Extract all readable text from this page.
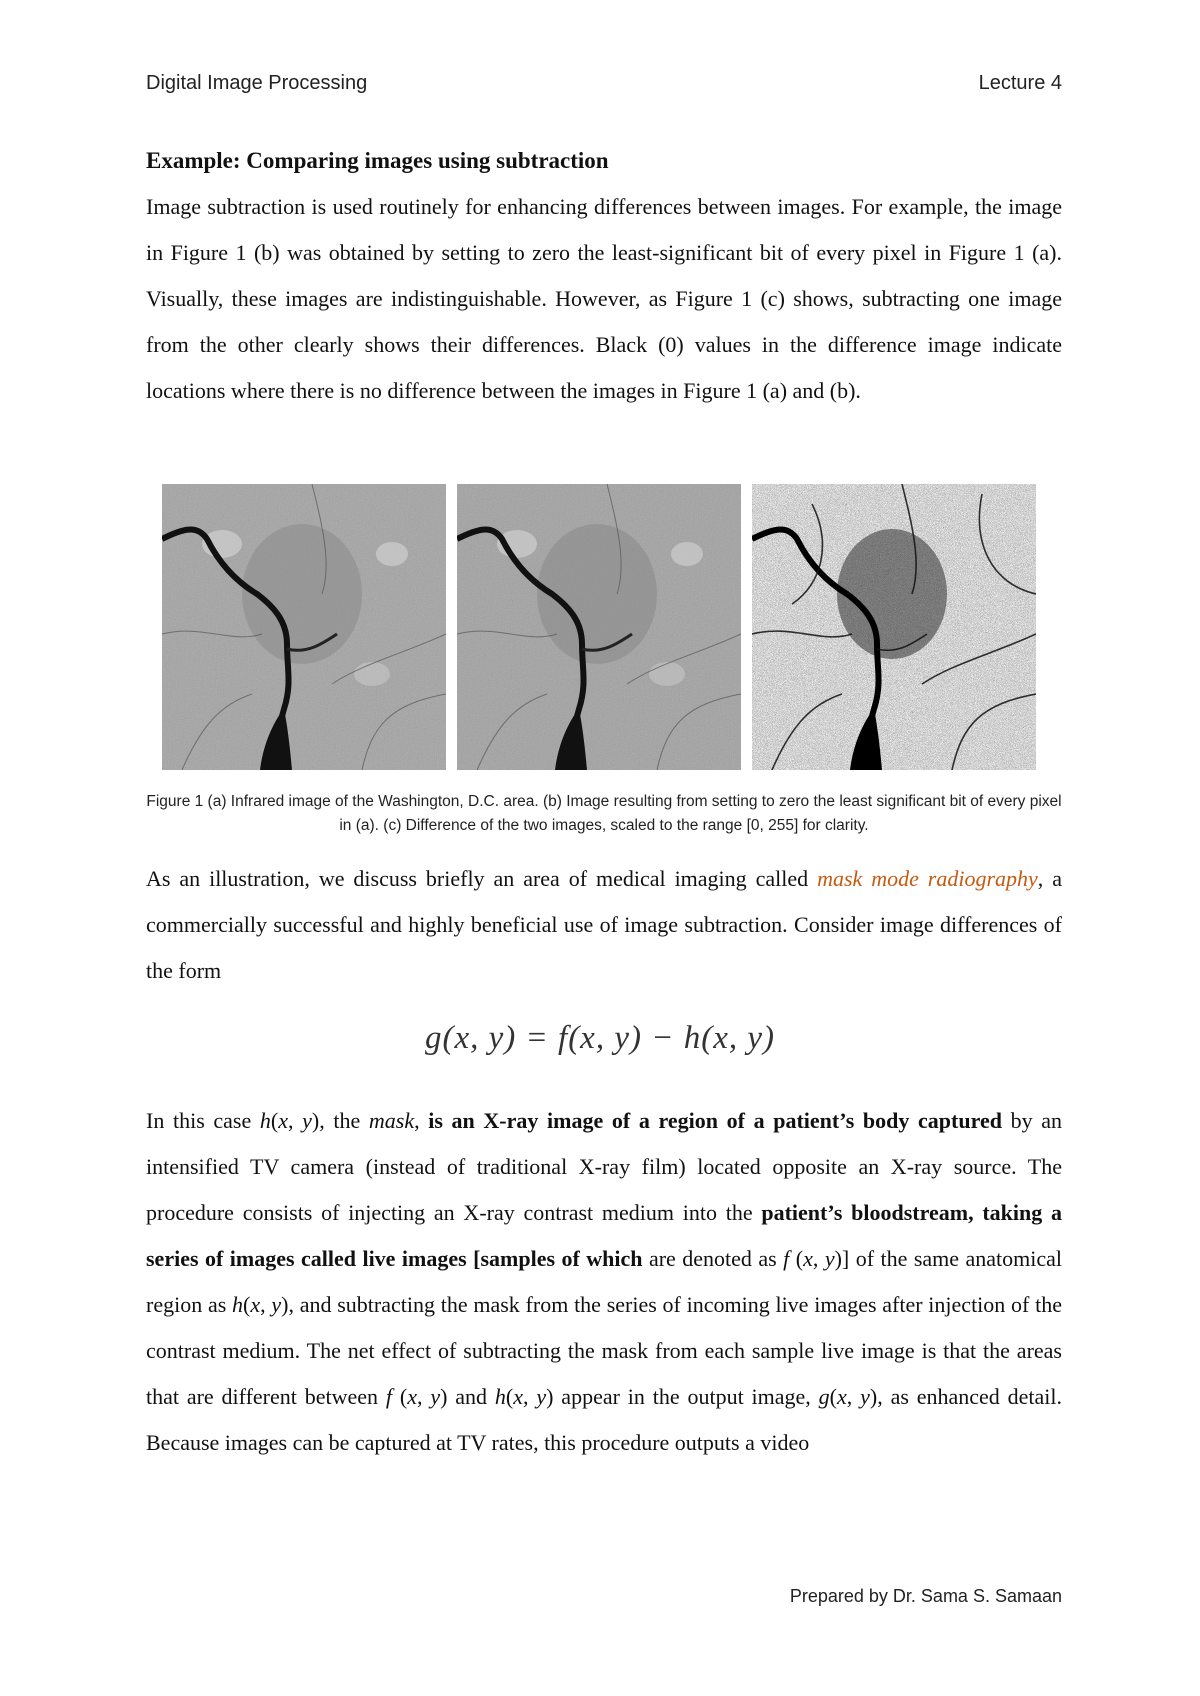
Digital Image Processing	Lecture 4
Example: Comparing images using subtraction
Image subtraction is used routinely for enhancing differences between images. For example, the image in Figure 1 (b) was obtained by setting to zero the least-significant bit of every pixel in Figure 1 (a). Visually, these images are indistinguishable. However, as Figure 1 (c) shows, subtracting one image from the other clearly shows their differences. Black (0) values in the difference image indicate locations where there is no difference between the images in Figure 1 (a) and (b).
Figure 1 (a) Infrared image of the Washington, D.C. area. (b) Image resulting from setting to zero the least significant bit of every pixel in (a). (c) Difference of the two images, scaled to the range [0, 255] for clarity.
As an illustration, we discuss briefly an area of medical imaging called mask mode radiography, a commercially successful and highly beneficial use of image subtraction. Consider image differences of the form
g(x, y) = f(x, y) − h(x, y)
In this case h(x, y), the mask, is an X-ray image of a region of a patient’s body captured by an intensified TV camera (instead of traditional X-ray film) located opposite an X-ray source. The procedure consists of injecting an X-ray contrast medium into the patient’s bloodstream, taking a series of images called live images [samples of which are denoted as f (x, y)] of the same anatomical region as h(x, y), and subtracting the mask from the series of incoming live images after injection of the contrast medium. The net effect of subtracting the mask from each sample live image is that the areas that are different between f (x, y) and h(x, y) appear in the output image, g(x, y), as enhanced detail. Because images can be captured at TV rates, this procedure outputs a video
Prepared by Dr. Sama S. Samaan
